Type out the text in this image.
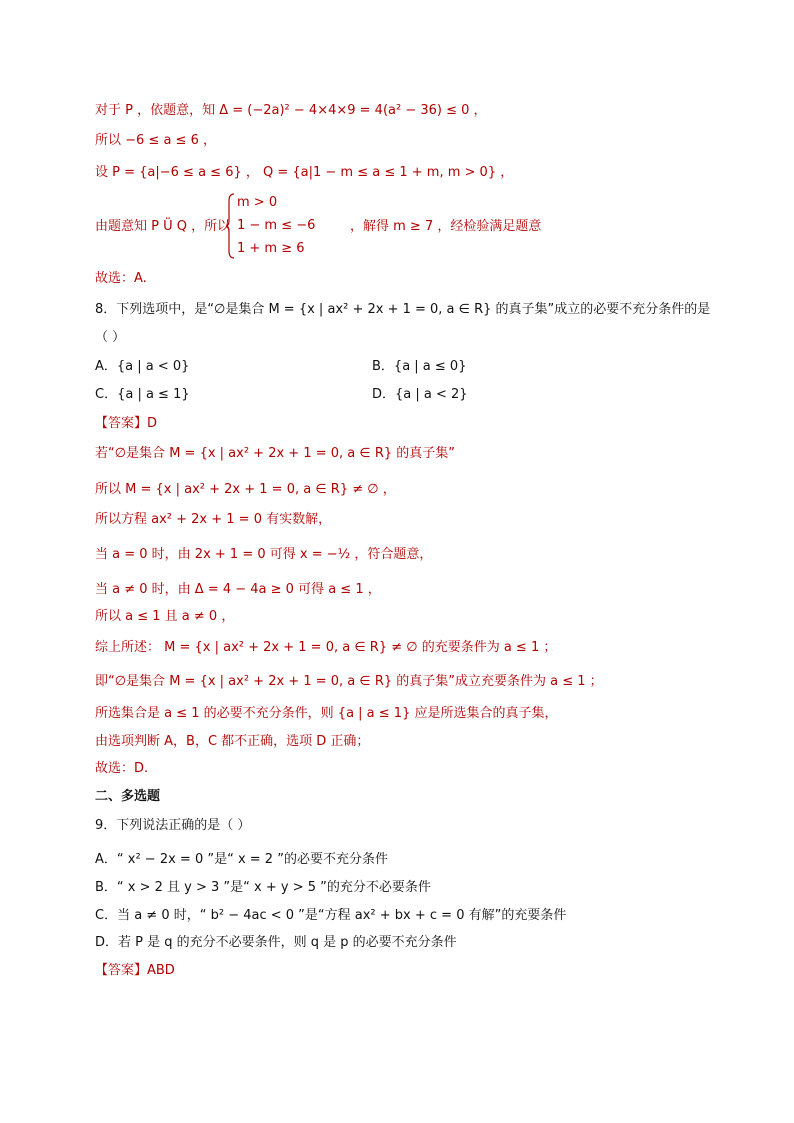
对于 P ，依题意，知 Δ = (−2a)² − 4×4×9 = 4(a² − 36) ≤ 0 ，
所以 −6 ≤ a ≤ 6 ，
设 P = {a|−6 ≤ a ≤ 6} ， Q = {a|1 − m ≤ a ≤ 1 + m, m > 0} ，
由题意知 P Ü Q ，所以
m > 0
1 − m ≤ −6
1 + m ≥ 6
，解得 m ≥ 7 ，经检验满足题意
故选：A.
8．下列选项中，是“∅是集合 M = {x | ax² + 2x + 1 = 0, a ∈ R} 的真子集”成立的必要不充分条件的是
（ ）
A．{a | a < 0}	B．{a | a ≤ 0}
C．{a | a ≤ 1}	D．{a | a < 2}
【答案】D
若“∅是集合 M = {x | ax² + 2x + 1 = 0, a ∈ R} 的真子集”
所以 M = {x | ax² + 2x + 1 = 0, a ∈ R} ≠ ∅ ，
所以方程 ax² + 2x + 1 = 0 有实数解，
当 a = 0 时，由 2x + 1 = 0 可得 x = −½ ，符合题意，
当 a ≠ 0 时，由 Δ = 4 − 4a ≥ 0 可得 a ≤ 1 ，
所以 a ≤ 1 且 a ≠ 0 ，
综上所述： M = {x | ax² + 2x + 1 = 0, a ∈ R} ≠ ∅ 的充要条件为 a ≤ 1 ；
即“∅是集合 M = {x | ax² + 2x + 1 = 0, a ∈ R} 的真子集”成立充要条件为 a ≤ 1 ；
所选集合是 a ≤ 1 的必要不充分条件，则 {a | a ≤ 1} 应是所选集合的真子集，
由选项判断 A，B，C 都不正确，选项 D 正确；
故选：D.
二、多选题
9．下列说法正确的是（ ）
A．“ x² − 2x = 0 ”是“ x = 2 ”的必要不充分条件
B．“ x > 2 且 y > 3 ”是“ x + y > 5 ”的充分不必要条件
C．当 a ≠ 0 时，“ b² − 4ac < 0 ”是“方程 ax² + bx + c = 0 有解”的充要条件
D．若 P 是 q 的充分不必要条件，则 q 是 p 的必要不充分条件
【答案】ABD
